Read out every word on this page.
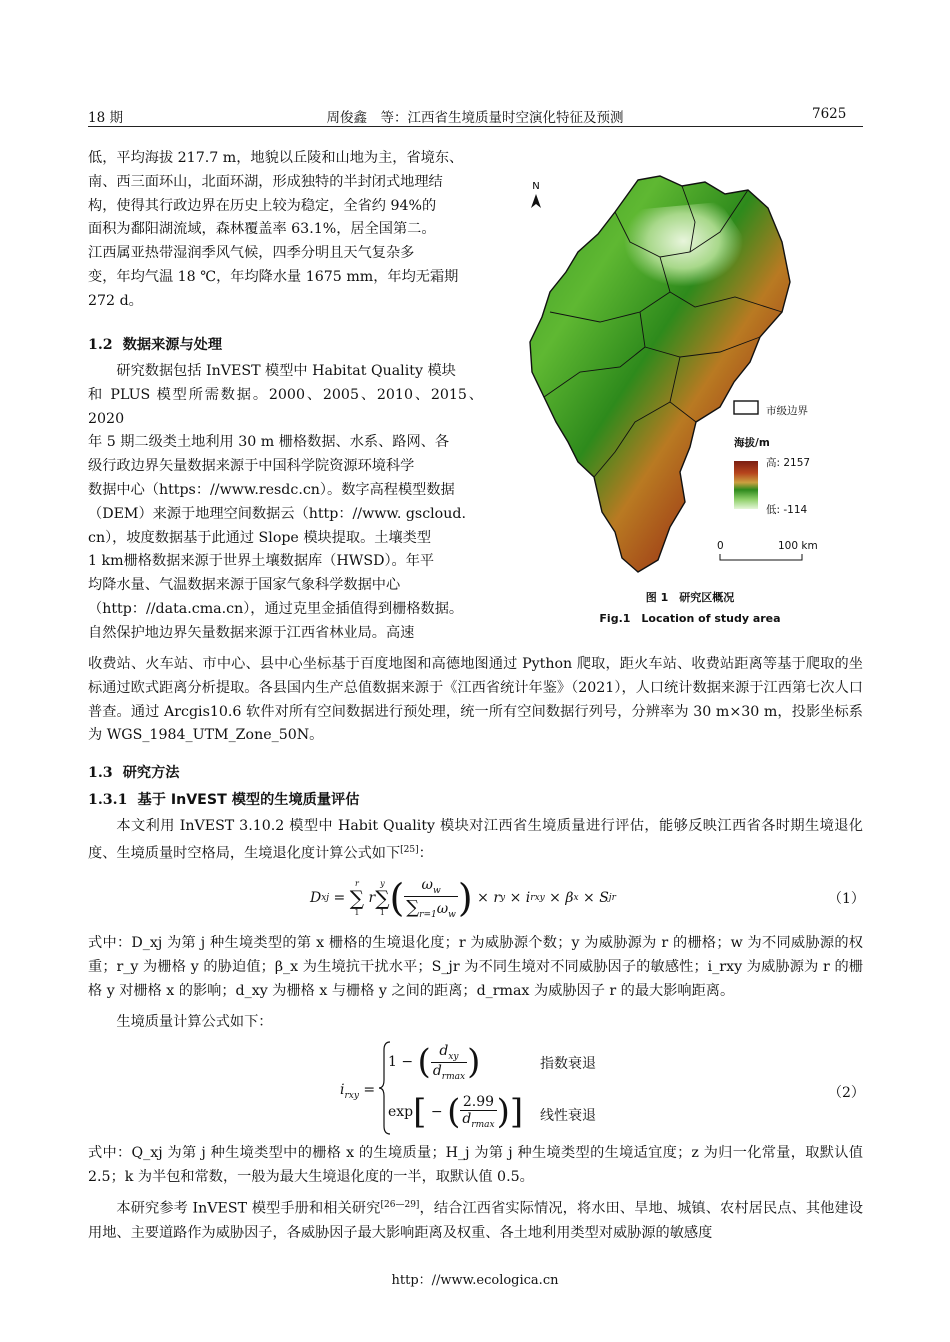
18 期	周俊鑫　等：江西省生境质量时空演化特征及预测	7625
低，平均海拔 217.7 m，地貌以丘陵和山地为主，省境东、
南、西三面环山，北面环湖，形成独特的半封闭式地理结
构，使得其行政边界在历史上较为稳定，全省约 94%的
面积为鄱阳湖流域，森林覆盖率 63.1%，居全国第二。
江西属亚热带湿润季风气候，四季分明且天气复杂多
变，年均气温 18 ℃，年均降水量 1675 mm，年均无霜期
272 d。
1.2 数据来源与处理
研究数据包括 InVEST 模型中 Habitat Quality 模块
和 PLUS 模型所需数据。2000、2005、2010、2015、2020
年 5 期二级类土地利用 30 m 栅格数据、水系、路网、各
级行政边界矢量数据来源于中国科学院资源环境科学
数据中心（https：//www.resdc.cn）。数字高程模型数据
（DEM）来源于地理空间数据云（http：//www. gscloud.
cn），坡度数据基于此通过 Slope 模块提取。土壤类型
1 km栅格数据来源于世界土壤数据库（HWSD）。年平
均降水量、气温数据来源于国家气象科学数据中心
（http：//data.cma.cn），通过克里金插值得到栅格数据。
自然保护地边界矢量数据来源于江西省林业局。高速
N
市级边界
海拔/m
高: 2157
低: -114
0	100 km
图 1　研究区概况
Fig.1　Location of study area
收费站、火车站、市中心、县中心坐标基于百度地图和高德地图通过 Python 爬取，距火车站、收费站距离等基于爬取的坐标通过欧式距离分析提取。各县国内生产总值数据来源于《江西省统计年鉴》（2021），人口统计数据来源于江西第七次人口普查。通过 Arcgis10.6 软件对所有空间数据进行预处理，统一所有空间数据行列号，分辨率为 30 m×30 m，投影坐标系为 WGS_1984_UTM_Zone_50N。
1.3 研究方法
1.3.1 基于 InVEST 模型的生境质量评估
本文利用 InVEST 3.10.2 模型中 Habit Quality 模块对江西省生境质量进行评估，能够反映江西省各时期生境退化度、生境质量时空格局，生境退化度计算公式如下[25]：
D xj =
r
∑
1

r
y
∑
1 ( $\frac{\omega_w}{\sum_{r=1}\omega_w}$ ) × r y × i rxy × β x × S jr	（1）
式中：D_xj 为第 j 种生境类型的第 x 栅格的生境退化度；r 为威胁源个数；y 为威胁源为 r 的栅格；w 为不同威胁源的权重；r_y 为栅格 y 的胁迫值；β_x 为生境抗干扰水平；S_jr 为不同生境对不同威胁因子的敏感性；i_rxy 为威胁源为 r 的栅格 y 对栅格 x 的影响；d_xy 为栅格 x 与栅格 y 之间的距离；d_rmax 为威胁因子 r 的最大影响距离。
生境质量计算公式如下：
$i_{rxy}$ =
1 − ( $\frac{d_{xy}}{d_{rmax}}$ )	指数衰退
exp [ − ( $\frac{2.99}{d_{rmax}}$ ) ] 线性衰退
（2）
式中：Q_xj 为第 j 种生境类型中的栅格 x 的生境质量；H_j 为第 j 种生境类型的生境适宜度；z 为归一化常量，取默认值 2.5；k 为半包和常数，一般为最大生境退化度的一半，取默认值 0.5。
本研究参考 InVEST 模型手册和相关研究[26—29]，结合江西省实际情况，将水田、旱地、城镇、农村居民点、其他建设用地、主要道路作为威胁因子，各威胁因子最大影响距离及权重、各土地利用类型对威胁源的敏感度
http：//www.ecologica.cn
